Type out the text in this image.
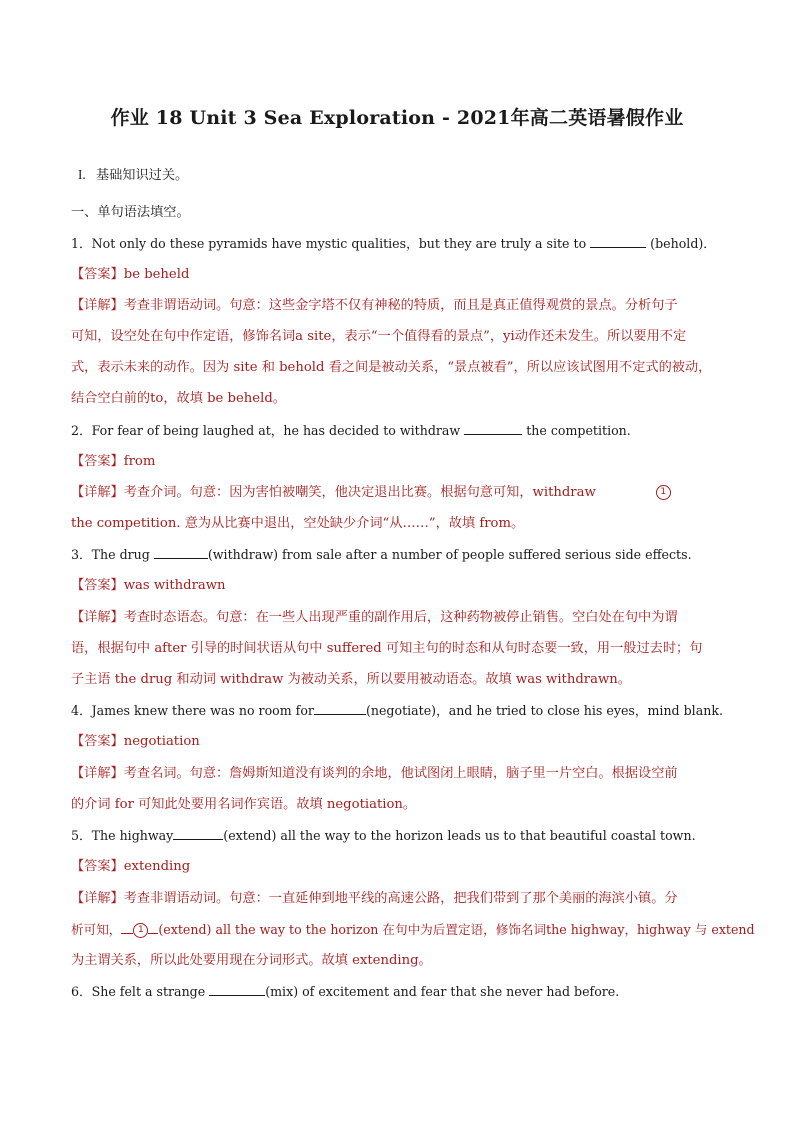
作业 18 Unit 3 Sea Exploration - 2021年高二英语暑假作业
I. 基础知识过关。
一、单句语法填空。
1．Not only do these pyramids have mystic qualities，but they are truly a site to	(behold)．
【答案】be beheld
【详解】考查非谓语动词。句意：这些金字塔不仅有神秘的特质，而且是真正值得观赏的景点。分析句子
可知，设空处在句中作定语，修饰名词a site，表示“一个值得看的景点”，yi动作还未发生。所以要用不定
式，表示未来的动作。因为 site 和 behold 看之间是被动关系，“景点被看”，所以应该试图用不定式的被动，
结合空白前的to，故填 be beheld。
2．For fear of being laughed at，he has decided to withdraw	the competition.
【答案】from
【详解】考查介词。句意：因为害怕被嘲笑，他决定退出比赛。根据句意可知，withdraw	1
the competition. 意为从比赛中退出，空处缺少介词“从……”，故填 from。
3．The drug	(withdraw) from sale after a number of people suffered serious side effects.
【答案】was withdrawn
【详解】考查时态语态。句意：在一些人出现严重的副作用后，这种药物被停止销售。空白处在句中为谓
语，根据句中 after 引导的时间状语从句中 suffered 可知主句的时态和从句时态要一致，用一般过去时；句
子主语 the drug 和动词 withdraw 为被动关系，所以要用被动语态。故填 was withdrawn。
4．James knew there was no room for	(negotiate)，and he tried to close his eyes，mind blank.
【答案】negotiation
【详解】考查名词。句意：詹姆斯知道没有谈判的余地，他试图闭上眼睛，脑子里一片空白。根据设空前
的介词 for 可知此处要用名词作宾语。故填 negotiation。
5．The highway	(extend) all the way to the horizon leads us to that beautiful coastal town.
【答案】extending
【详解】考查非谓语动词。句意：一直延伸到地平线的高速公路，把我们带到了那个美丽的海滨小镇。分
析可知， 1 (extend) all the way to the horizon 在句中为后置定语，修饰名词the highway，highway 与 extend
为主谓关系，所以此处要用现在分词形式。故填 extending。
6．She felt a strange	(mix) of excitement and fear that she never had before.
